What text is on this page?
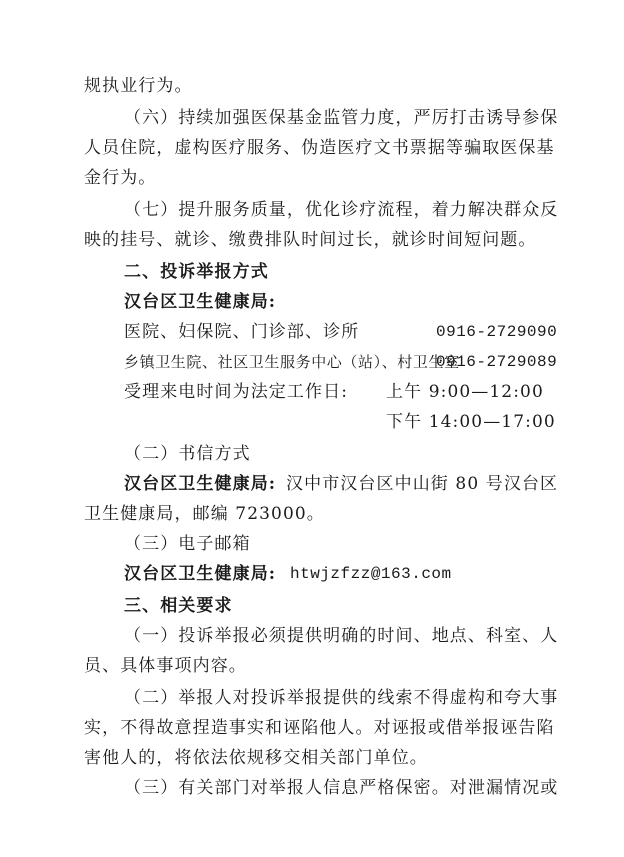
规执业行为。
（六）持续加强医保基金监管力度，严厉打击诱导参保
人员住院，虚构医疗服务、伪造医疗文书票据等骗取医保基
金行为。
（七）提升服务质量，优化诊疗流程，着力解决群众反
映的挂号、就诊、缴费排队时间过长，就诊时间短问题。
二、投诉举报方式
汉台区卫生健康局:
医院、妇保院、门诊部、诊所	0916-2729090
乡镇卫生院、社区卫生服务中心（站）、村卫生室
0916-2729089
受理来电时间为法定工作日: 上午 9:00—12:00
下午 14:00—17:00
（二）书信方式
汉台区卫生健康局: 汉中市汉台区中山街 80 号汉台区
卫生健康局，邮编 723000。
（三）电子邮箱
汉台区卫生健康局: htwjzfzz@163.com
三、相关要求
（一）投诉举报必须提供明确的时间、地点、科室、人
员、具体事项内容。
（二）举报人对投诉举报提供的线索不得虚构和夸大事
实，不得故意捏造事实和诬陷他人。对诬报或借举报诬告陷
害他人的，将依法依规移交相关部门单位。
（三）有关部门对举报人信息严格保密。对泄漏情况或
